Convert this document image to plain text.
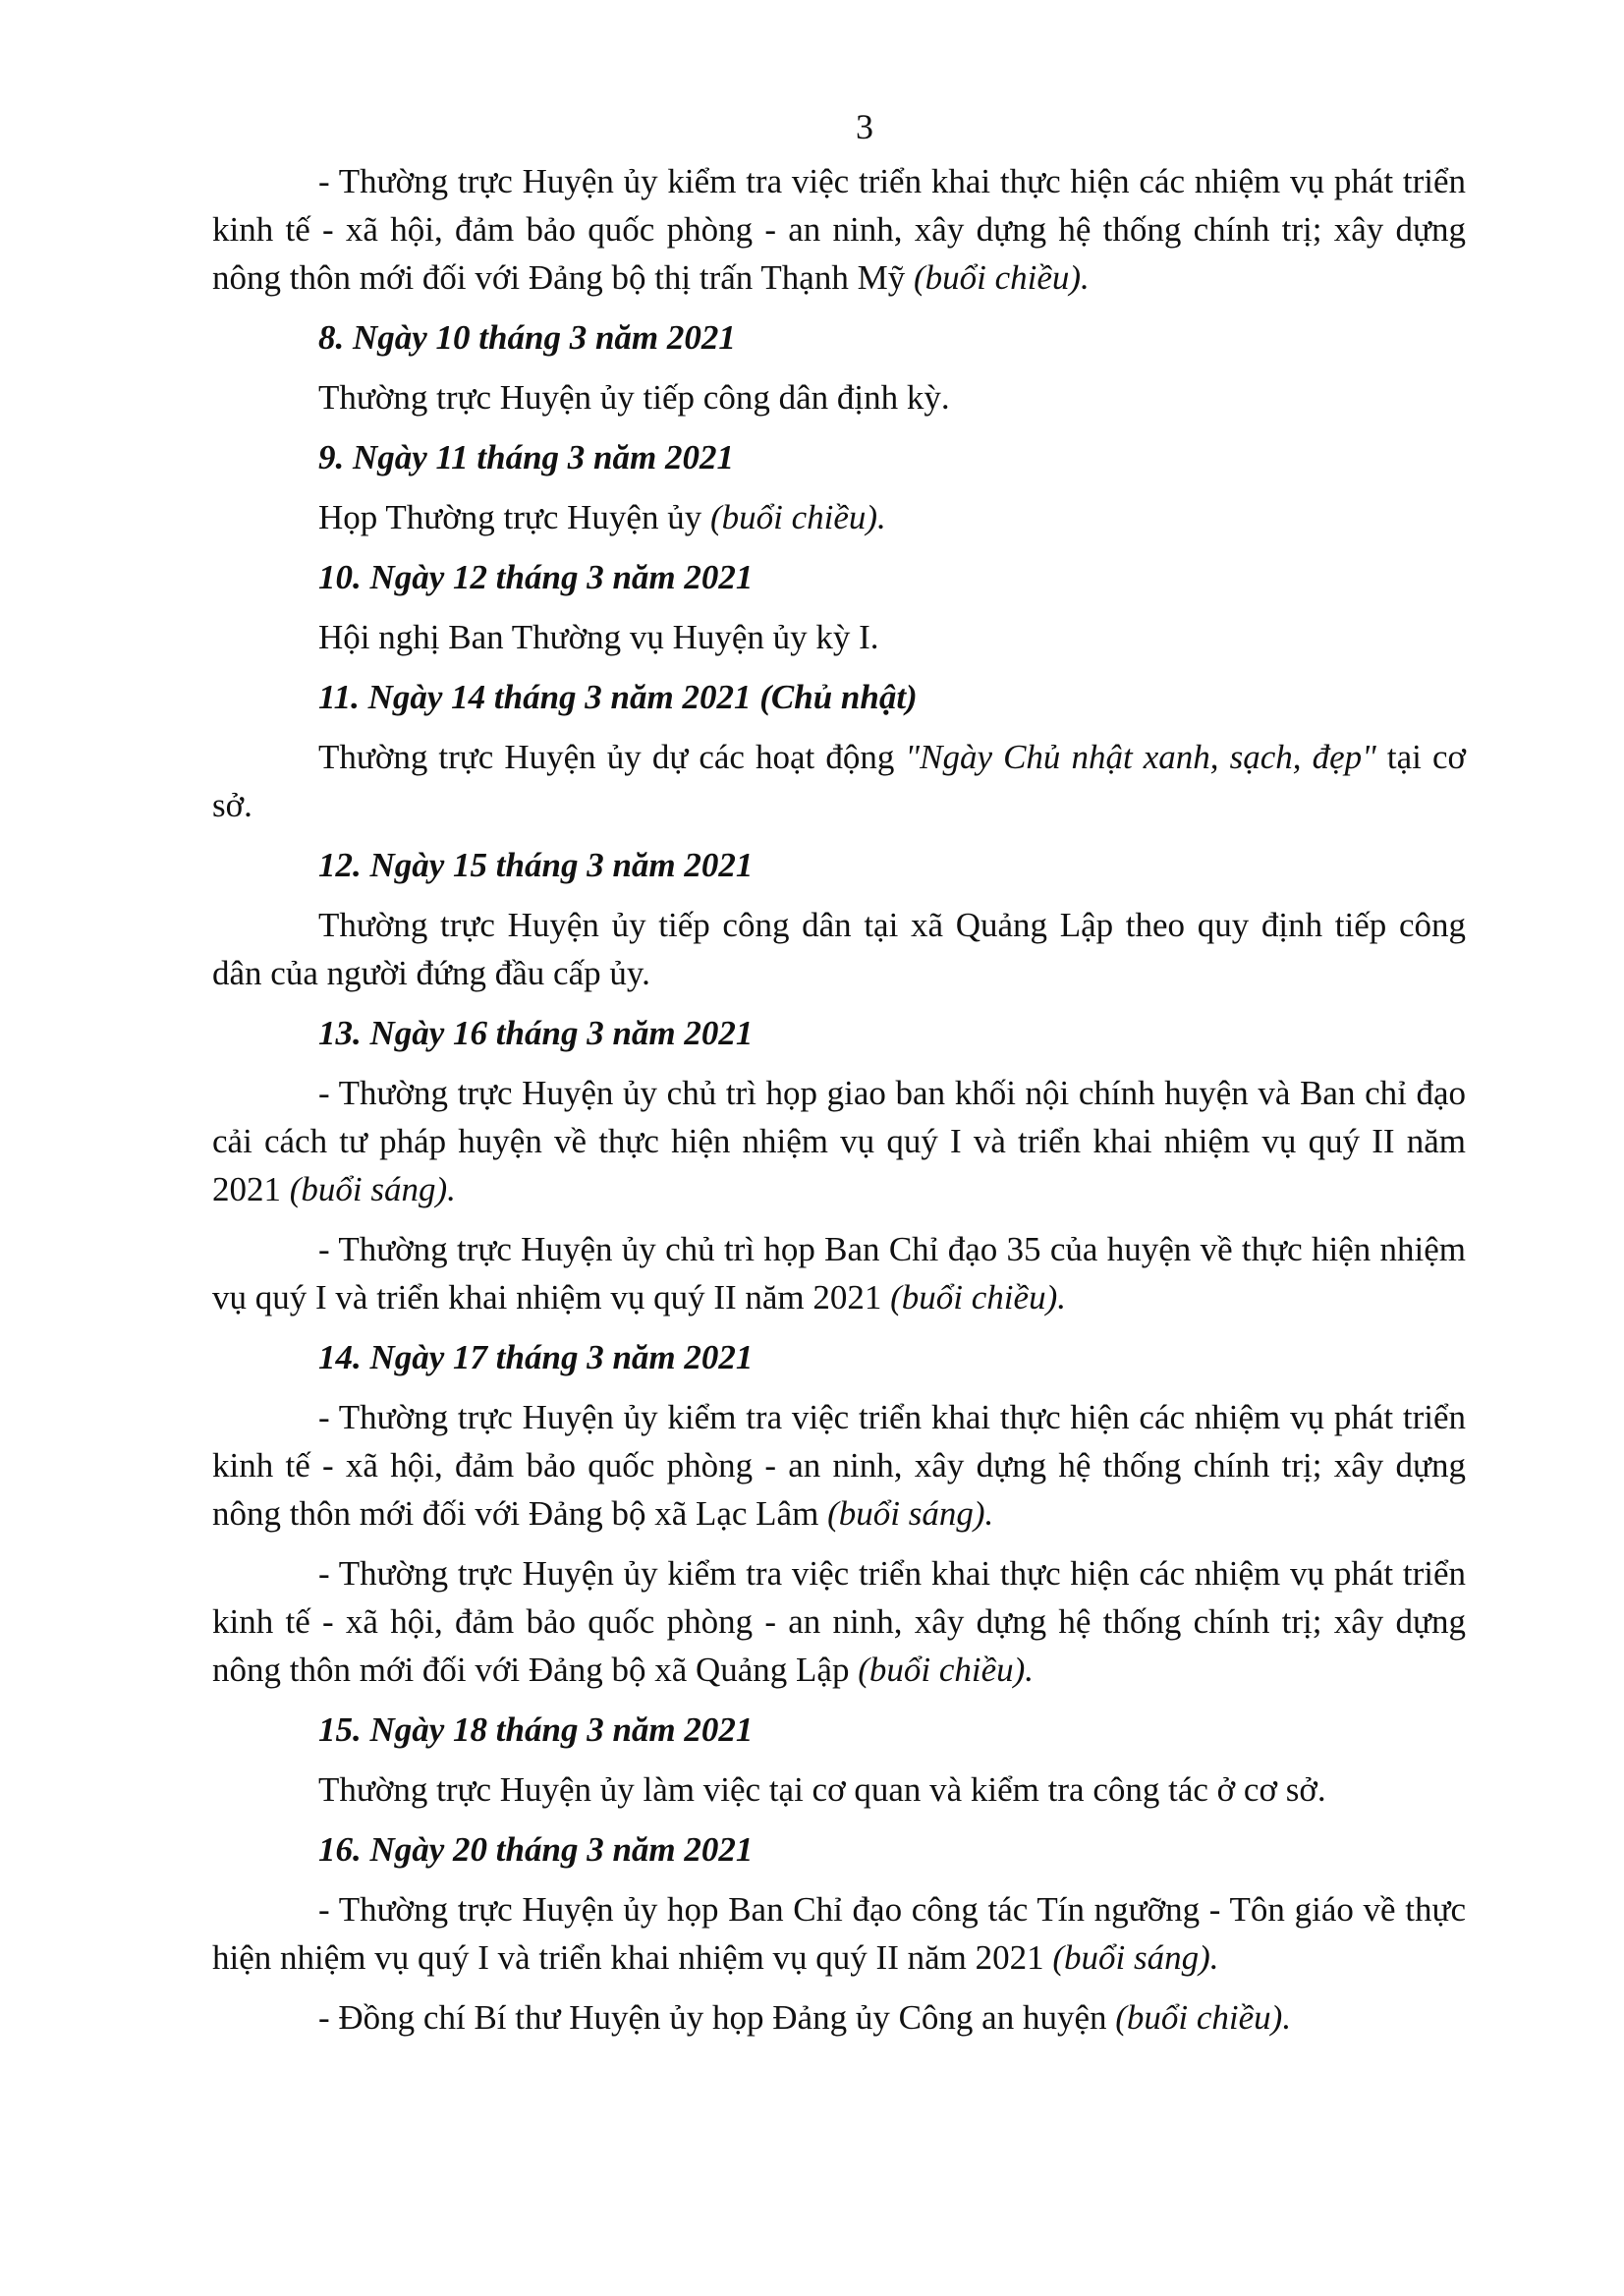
3

- Thường trực Huyện ủy kiểm tra việc triển khai thực hiện các nhiệm vụ phát triển kinh tế - xã hội, đảm bảo quốc phòng - an ninh, xây dựng hệ thống chính trị; xây dựng nông thôn mới đối với Đảng bộ thị trấn Thạnh Mỹ (buổi chiều).

8. Ngày 10 tháng 3 năm 2021

Thường trực Huyện ủy tiếp công dân định kỳ.

9. Ngày 11 tháng 3 năm 2021

Họp Thường trực Huyện ủy (buổi chiều).

10. Ngày 12 tháng 3 năm 2021

Hội nghị Ban Thường vụ Huyện ủy kỳ I.

11. Ngày 14 tháng 3 năm 2021 (Chủ nhật)

Thường trực Huyện ủy dự các hoạt động "Ngày Chủ nhật xanh, sạch, đẹp" tại cơ sở.

12. Ngày 15 tháng 3 năm 2021

Thường trực Huyện ủy tiếp công dân tại xã Quảng Lập theo quy định tiếp công dân của người đứng đầu cấp ủy.

13. Ngày 16 tháng 3 năm 2021

- Thường trực Huyện ủy chủ trì họp giao ban khối nội chính huyện và Ban chỉ đạo cải cách tư pháp huyện về thực hiện nhiệm vụ quý I và triển khai nhiệm vụ quý II năm 2021 (buổi sáng).

- Thường trực Huyện ủy chủ trì họp Ban Chỉ đạo 35 của huyện về thực hiện nhiệm vụ quý I và triển khai nhiệm vụ quý II năm 2021 (buổi chiều).

14. Ngày 17 tháng 3 năm 2021

- Thường trực Huyện ủy kiểm tra việc triển khai thực hiện các nhiệm vụ phát triển kinh tế - xã hội, đảm bảo quốc phòng - an ninh, xây dựng hệ thống chính trị; xây dựng nông thôn mới đối với Đảng bộ xã Lạc Lâm (buổi sáng).

- Thường trực Huyện ủy kiểm tra việc triển khai thực hiện các nhiệm vụ phát triển kinh tế - xã hội, đảm bảo quốc phòng - an ninh, xây dựng hệ thống chính trị; xây dựng nông thôn mới đối với Đảng bộ xã Quảng Lập (buổi chiều).

15. Ngày 18 tháng 3 năm 2021

Thường trực Huyện ủy làm việc tại cơ quan và kiểm tra công tác ở cơ sở.

16. Ngày 20 tháng 3 năm 2021

- Thường trực Huyện ủy họp Ban Chỉ đạo công tác Tín ngưỡng - Tôn giáo về thực hiện nhiệm vụ quý I và triển khai nhiệm vụ quý II năm 2021 (buổi sáng).

- Đồng chí Bí thư Huyện ủy họp Đảng ủy Công an huyện (buổi chiều).
